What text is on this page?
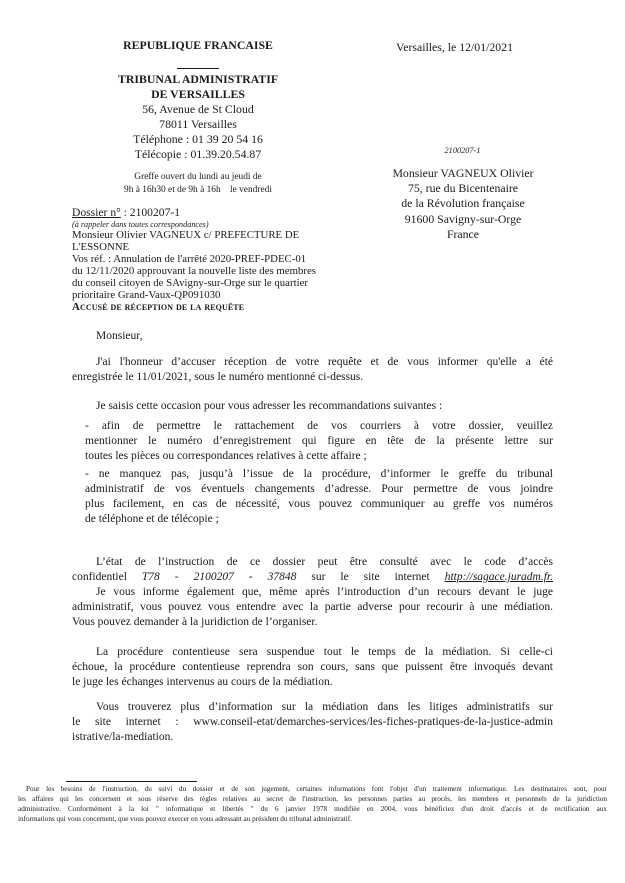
REPUBLIQUE FRANCAISE
TRIBUNAL ADMINISTRATIF
DE VERSAILLES
56, Avenue de St Cloud
78011 Versailles
Téléphone : 01 39 20 54 16
Télécopie : 01.39.20.54.87
Greffe ouvert du lundi au jeudi de
9h à 16h30 et de 9h à 16h    le vendredi
Versailles, le 12/01/2021
2100207-1
Monsieur VAGNEUX Olivier
75, rue du Bicentenaire
de la Révolution française
91600 Savigny-sur-Orge
France
Dossier n° : 2100207-1
(à rappeler dans toutes correspondances)
Monsieur Olivier VAGNEUX c/ PREFECTURE DE
L'ESSONNE
Vos réf. : Annulation de l'arrêté 2020-PREF-PDEC-01
du 12/11/2020 approuvant la nouvelle liste des membres
du conseil citoyen de SAvigny-sur-Orge sur le quartier
prioritaire Grand-Vaux-QP091030
Accusé de réception de la requête
Monsieur,
J'ai l'honneur d’accuser réception de votre requête et de vous informer qu'elle a été
enregistrée le 11/01/2021, sous le numéro mentionné ci-dessus.
Je saisis cette occasion pour vous adresser les recommandations suivantes :
- afin de permettre le rattachement de vos courriers à votre dossier, veuillez
mentionner le numéro d’enregistrement qui figure en tête de la présente lettre sur
toutes les pièces ou correspondances relatives à cette affaire ;
- ne manquez pas, jusqu’à l’issue de la procédure, d’informer le greffe du tribunal
administratif de vos éventuels changements d’adresse. Pour permettre de vous joindre
plus facilement, en cas de nécessité, vous pouvez communiquer au greffe vos numéros
de téléphone et de télécopie ;
L’état de l’instruction de ce dossier peut être consulté avec le code d’accès
confidentiel T78 - 2100207 - 37848 sur le site internet http://sagace.juradm.fr.
Je vous informe également que, même après l’introduction d’un recours devant le juge
administratif, vous pouvez vous entendre avec la partie adverse pour recourir à une médiation.
Vous pouvez demander à la juridiction de l’organiser.
La procédure contentieuse sera suspendue tout le temps de la médiation. Si celle-ci
échoue, la procédure contentieuse reprendra son cours, sans que puissent être invoqués devant
le juge les échanges intervenus au cours de la médiation.
Vous trouverez plus d’information sur la médiation dans les litiges administratifs sur
le site internet : www.conseil-etat/demarches-services/les-fiches-pratiques-de-la-justice-admin
istrative/la-mediation.
Pour les besoins de l'instruction, du suivi du dossier et de son jugement, certaines informations font l'objet d'un traitement informatique. Les destinataires sont, pour
les affaires qui les concernent et sous réserve des règles relatives au secret de l'instruction, les personnes parties au procès, les membres et personnels de la juridiction
administrative. Conformément à la loi " informatique et libertés " du 6 janvier 1978 modifiée en 2004, vous bénéficiez d'un droit d'accès et de rectification aux
informations qui vous concernent, que vous pouvez exercer en vous adressant au président du tribunal administratif.
